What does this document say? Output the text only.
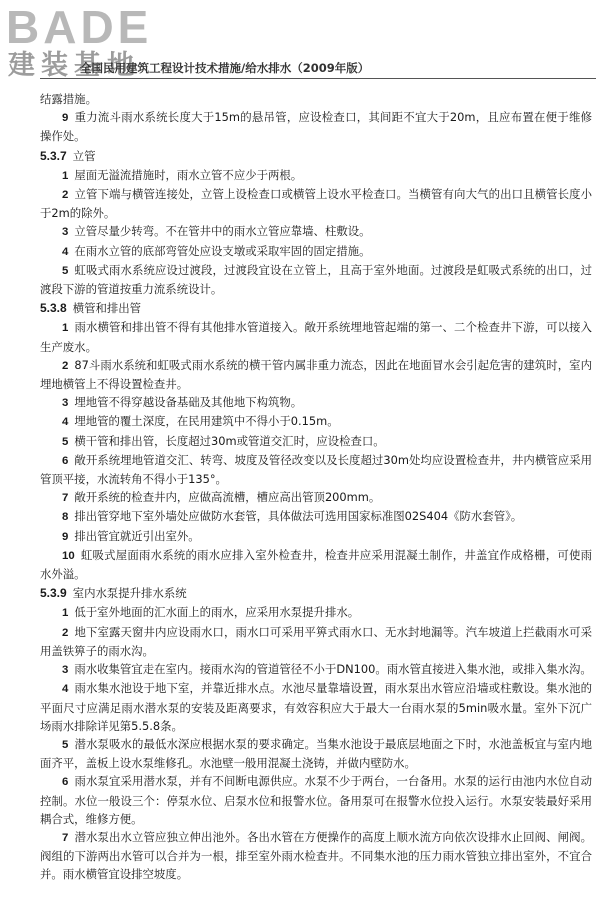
BADE
建装基地
全国民用建筑工程设计技术措施/给水排水（2009年版）

结露措施。

9 重力流斗雨水系统长度大于15m的悬吊管，应设检查口，其间距不宜大于20m，且应布置在便于维修操作处。

5.3.7 立管

1 屋面无溢流措施时，雨水立管不应少于两根。

2 立管下端与横管连接处，立管上设检查口或横管上设水平检查口。当横管有向大气的出口且横管长度小于2m的除外。

3 立管尽量少转弯。不在管井中的雨水立管应靠墙、柱敷设。

4 在雨水立管的底部弯管处应设支墩或采取牢固的固定措施。

5 虹吸式雨水系统应设过渡段，过渡段宜设在立管上，且高于室外地面。过渡段是虹吸式系统的出口，过渡段下游的管道按重力流系统设计。

5.3.8 横管和排出管

1 雨水横管和排出管不得有其他排水管道接入。敞开系统埋地管起端的第一、二个检查井下游，可以接入生产废水。

2 87斗雨水系统和虹吸式雨水系统的横干管内属非重力流态，因此在地面冒水会引起危害的建筑时，室内埋地横管上不得设置检查井。

3 埋地管不得穿越设备基础及其他地下构筑物。

4 埋地管的覆土深度，在民用建筑中不得小于0.15m。

5 横干管和排出管，长度超过30m或管道交汇时，应设检查口。

6 敞开系统埋地管道交汇、转弯、坡度及管径改变以及长度超过30m处均应设置检查井，井内横管应采用管顶平接，水流转角不得小于135°。

7 敞开系统的检查井内，应做高流槽，槽应高出管顶200mm。

8 排出管穿地下室外墙处应做防水套管，具体做法可选用国家标准图02S404《防水套管》。

9 排出管宜就近引出室外。

10 虹吸式屋面雨水系统的雨水应排入室外检查井，检查井应采用混凝土制作，井盖宜作成格栅，可使雨水外溢。

5.3.9 室内水泵提升排水系统

1 低于室外地面的汇水面上的雨水，应采用水泵提升排水。

2 地下室露天窗井内应设雨水口，雨水口可采用平箅式雨水口、无水封地漏等。汽车坡道上拦截雨水可采用盖铁箅子的雨水沟。

3 雨水收集管宜走在室内。接雨水沟的管道管径不小于DN100。雨水管直接进入集水池，或排入集水沟。

4 雨水集水池设于地下室，并靠近排水点。水池尽量靠墙设置，雨水泵出水管应沿墙或柱敷设。集水池的平面尺寸应满足雨水潜水泵的安装及距离要求，有效容积应大于最大一台雨水泵的5min吸水量。室外下沉广场雨水排除详见第5.5.8条。

5 潜水泵吸水的最低水深应根据水泵的要求确定。当集水池设于最底层地面之下时，水池盖板宜与室内地面齐平，盖板上设水泵维修孔。水池壁一般用混凝土浇铸，并做内壁防水。

6 雨水泵宜采用潜水泵，并有不间断电源供应。水泵不少于两台，一台备用。水泵的运行由池内水位自动控制。水位一般设三个：停泵水位、启泵水位和报警水位。备用泵可在报警水位投入运行。水泵安装最好采用耦合式，维修方便。

7 潜水泵出水立管应独立伸出池外。各出水管在方便操作的高度上顺水流方向依次设排水止回阀、闸阀。阀组的下游两出水管可以合并为一根，排至室外雨水检查井。不同集水池的压力雨水管独立排出室外，不宜合并。雨水横管宜设排空坡度。
